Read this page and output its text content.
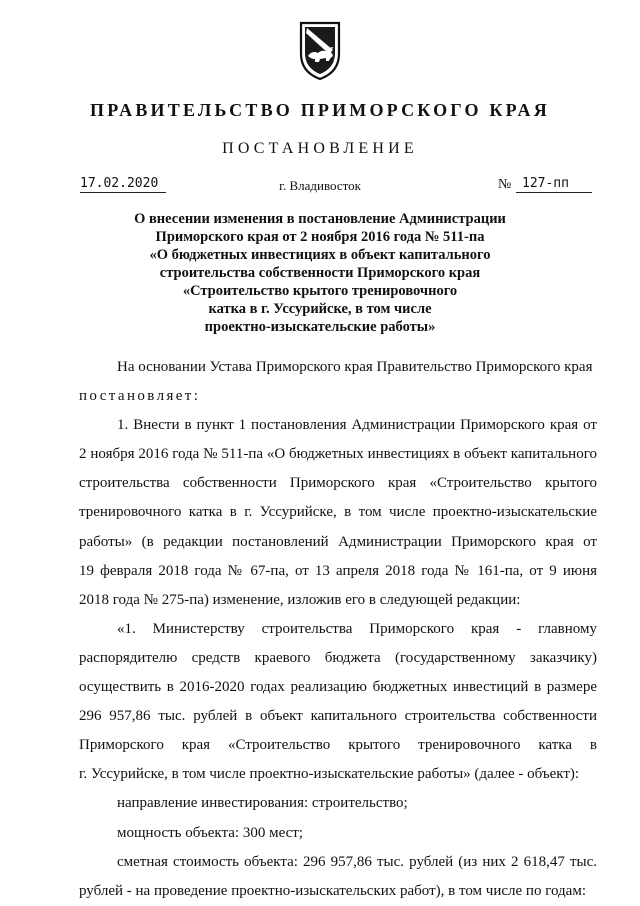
ПРАВИТЕЛЬСТВО ПРИМОРСКОГО КРАЯ
ПОСТАНОВЛЕНИЕ
17.02.2020	г. Владивосток	№ 127-пп
О внесении изменения в постановление Администрации
Приморского края от 2 ноября 2016 года № 511-па
«О бюджетных инвестициях в объект капитального
строительства собственности Приморского края
«Строительство крытого тренировочного
катка в г. Уссурийске, в том числе
проектно-изыскательские работы»
На основании Устава Приморского края Правительство Приморского края
постановляет:
1. Внести в пункт 1 постановления Администрации Приморского края от
2 ноября 2016 года № 511-па «О бюджетных инвестициях в объект капитального
строительства собственности Приморского края «Строительство крытого
тренировочного катка в г. Уссурийске, в том числе проектно-изыскательские
работы» (в редакции постановлений Администрации Приморского края от
19 февраля 2018 года № 67-па, от 13 апреля 2018 года № 161-па, от 9 июня
2018 года № 275-па) изменение, изложив его в следующей редакции:
«1. Министерству строительства Приморского края - главному
распорядителю средств краевого бюджета (государственному заказчику)
осуществить в 2016-2020 годах реализацию бюджетных инвестиций в размере
296 957,86 тыс. рублей в объект капитального строительства собственности
Приморского края «Строительство крытого тренировочного катка в
г. Уссурийске, в том числе проектно-изыскательские работы» (далее - объект):
направление инвестирования: строительство;
мощность объекта: 300 мест;
сметная стоимость объекта: 296 957,86 тыс. рублей (из них 2 618,47 тыс.
рублей - на проведение проектно-изыскательских работ), в том числе по годам:
